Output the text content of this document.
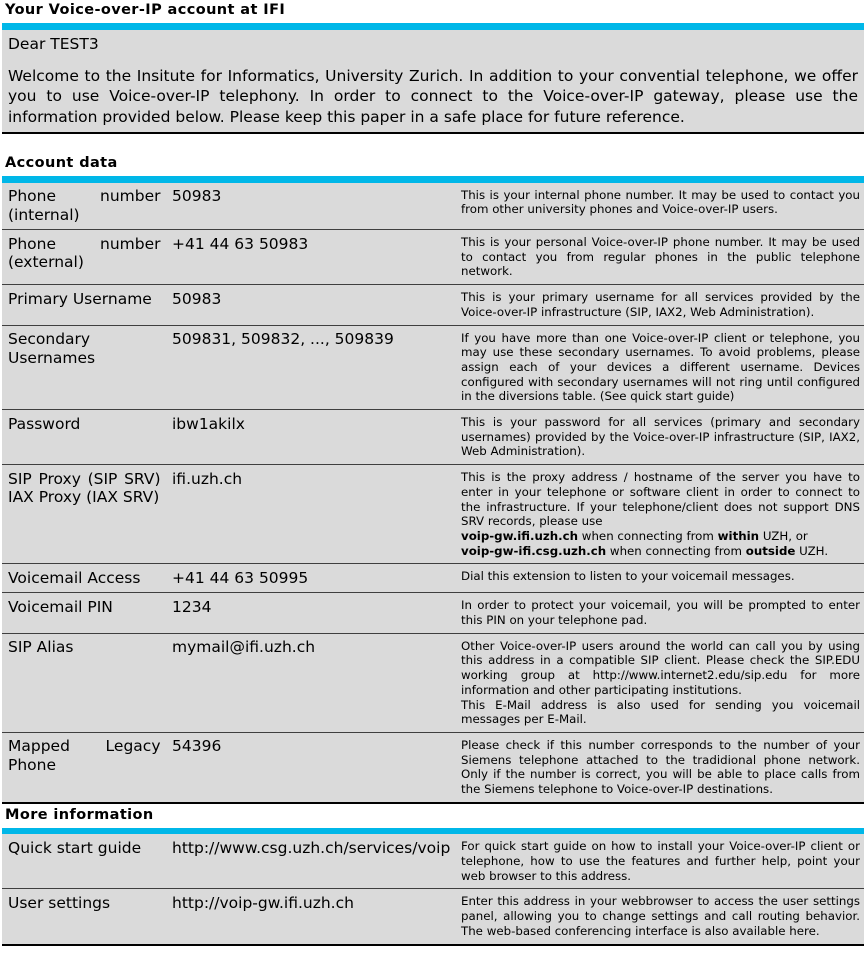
Your Voice-over-IP account at IFI
Dear TEST3

Welcome to the Insitute for Informatics, University Zurich. In addition to your convential telephone, we offer you to use Voice-over-IP telephony. In order to connect to the Voice-over-IP gateway, please use the information provided below. Please keep this paper in a safe place for future reference.

Account data
Phone number (internal)	50983	This is your internal phone number. It may be used to contact you from other university phones and Voice-over-IP users.
Phone number (external)	+41 44 63 50983	This is your personal Voice-over-IP phone number. It may be used to contact you from regular phones in the public telephone network.
Primary Username	50983	This is your primary username for all services provided by the Voice-over-IP infrastructure (SIP, IAX2, Web Administration).
Secondary Usernames	509831, 509832, ..., 509839	If you have more than one Voice-over-IP client or telephone, you may use these secondary usernames. To avoid problems, please assign each of your devices a different username. Devices configured with secondary usernames will not ring until configured in the diversions table. (See quick start guide)
Password	ibw1akilx	This is your password for all services (primary and secondary usernames) provided by the Voice-over-IP infrastructure (SIP, IAX2, Web Administration).
SIP Proxy (SIP SRV) IAX Proxy (IAX SRV)	ifi.uzh.ch	This is the proxy address / hostname of the server you have to enter in your telephone or software client in order to connect to the infrastructure. If your telephone/client does not support DNS SRV records, please use
voip-gw.ifi.uzh.ch when connecting from within UZH, or
voip-gw-ifi.csg.uzh.ch when connecting from outside UZH.
Voicemail Access	+41 44 63 50995	Dial this extension to listen to your voicemail messages.
Voicemail PIN	1234	In order to protect your voicemail, you will be prompted to enter this PIN on your telephone pad.
SIP Alias	mymail@ifi.uzh.ch	Other Voice-over-IP users around the world can call you by using this address in a compatible SIP client. Please check the SIP.EDU working group at http://www.internet2.edu/sip.edu for more information and other participating institutions.
This E-Mail address is also used for sending you voicemail messages per E-Mail.
Mapped Legacy Phone	54396	Please check if this number corresponds to the number of your Siemens telephone attached to the tradidional phone network. Only if the number is correct, you will be able to place calls from the Siemens telephone to Voice-over-IP destinations.
More information
Quick start guide	http://www.csg.uzh.ch/services/voip	For quick start guide on how to install your Voice-over-IP client or telephone, how to use the features and further help, point your web browser to this address.
User settings	http://voip-gw.ifi.uzh.ch	Enter this address in your webbrowser to access the user settings panel, allowing you to change settings and call routing behavior. The web-based conferencing interface is also available here.
